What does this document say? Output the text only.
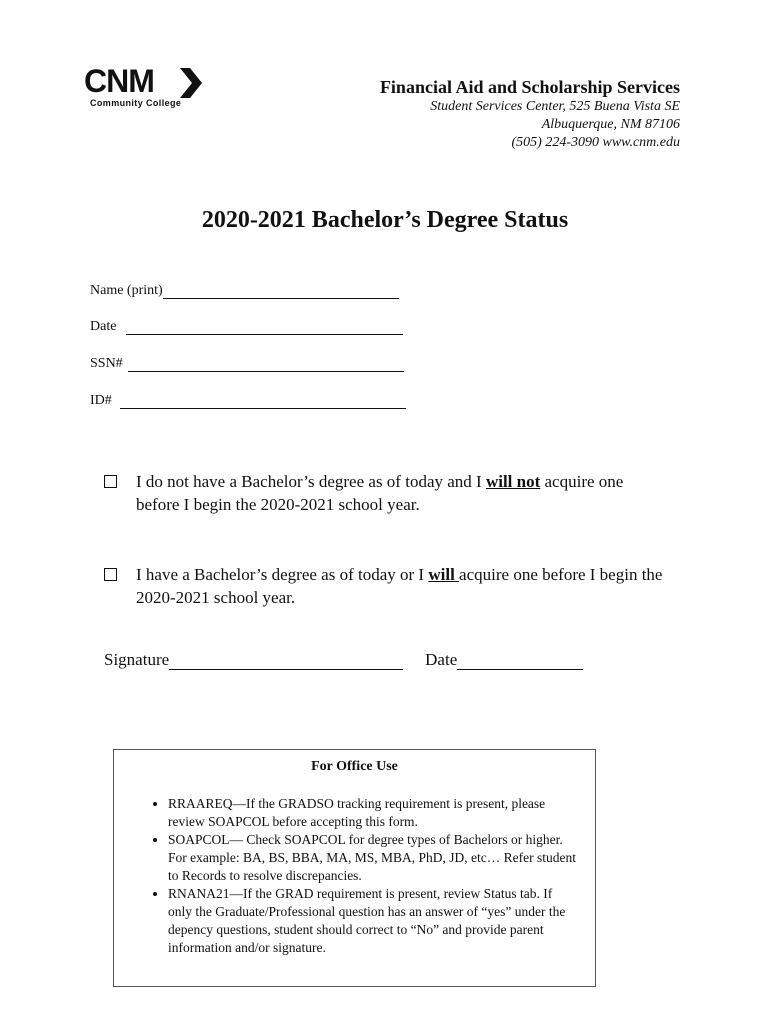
CNM
Community College
Financial Aid and Scholarship Services
Student Services Center, 525 Buena Vista SE
Albuquerque, NM 87106
(505) 224-3090 www.cnm.edu
2020-2021 Bachelor’s Degree Status
Name (print)
Date
SSN#
ID#
I do not have a Bachelor’s degree as of today and I will not acquire one before I begin the 2020-2021 school year.
I have a Bachelor’s degree as of today or I will acquire one before I begin the 2020-2021 school year.
Signature	Date
For Office Use
• RRAAREQ—If the GRADSO tracking requirement is present, please review SOAPCOL before accepting this form.
• SOAPCOL— Check SOAPCOL for degree types of Bachelors or higher. For example: BA, BS, BBA, MA, MS, MBA, PhD, JD, etc… Refer student to Records to resolve discrepancies.
• RNANA21—If the GRAD requirement is present, review Status tab. If only the Graduate/Professional question has an answer of “yes” under the depency questions, student should correct to “No” and provide parent information and/or signature.
